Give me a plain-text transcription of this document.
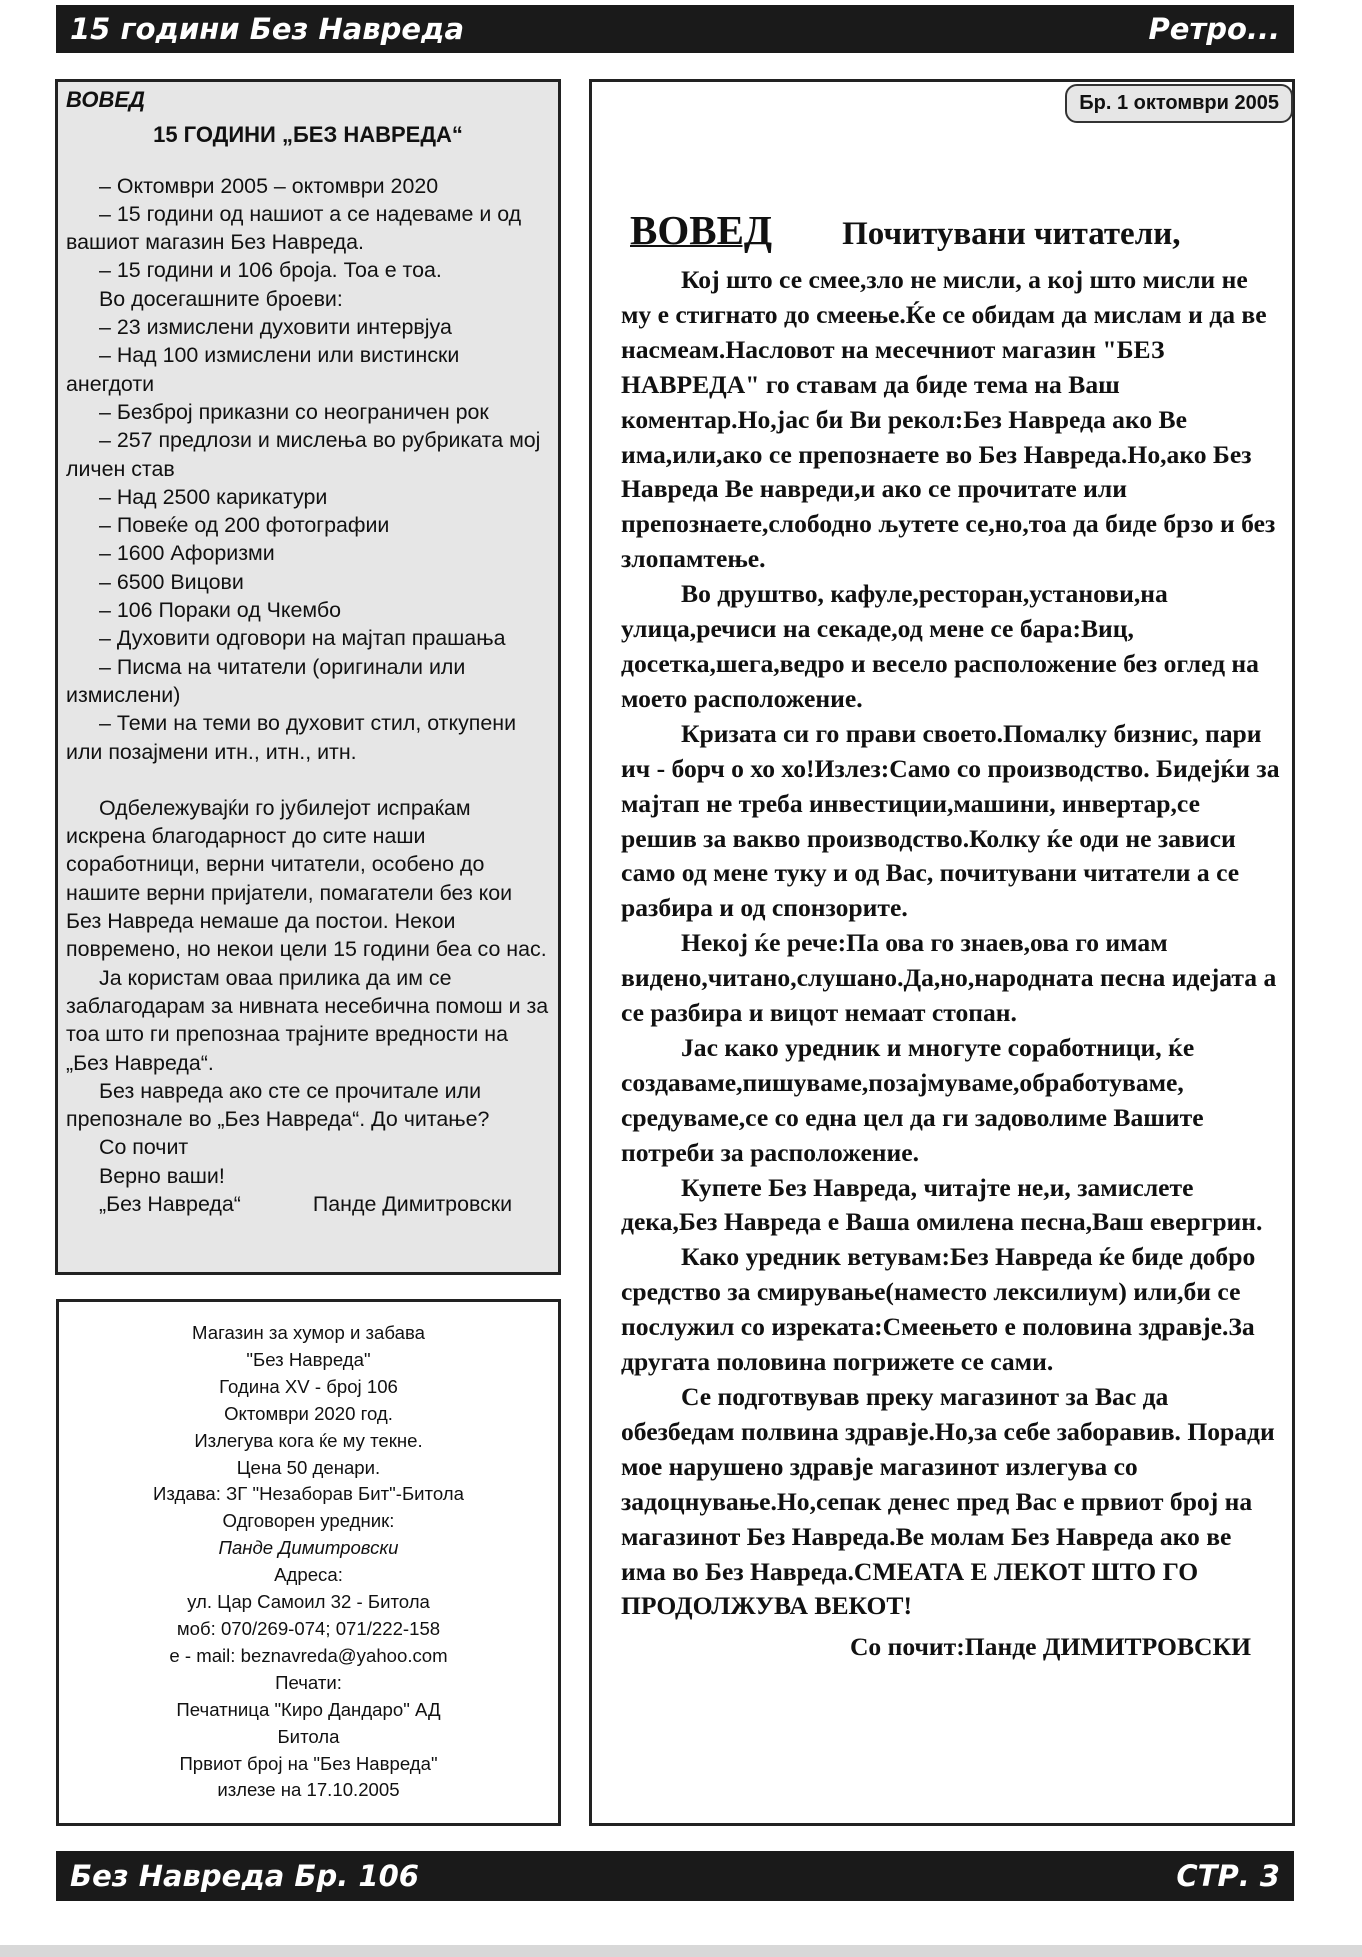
15 години Без Навреда	Ретро...
ВОВЕД
15 ГОДИНИ „БЕЗ НАВРЕДА“

– Октомври 2005 – октомври 2020

– 15 години од нашиот а се надеваме и од вашиот магазин Без Навреда.

– 15 години и 106 броја. Тоа е тоа.

Во досегашните броеви:

– 23 измислени духовити интервјуа

– Над 100 измислени или вистински анегдоти

– Безброј приказни со неограничен рок

– 257 предлози и мислења во рубриката мој личен став

– Над 2500 карикатури

– Повеќе од 200 фотографии

– 1600 Афоризми

– 6500 Вицови

– 106 Пораки од Чкембо

– Духовити одговори на мајтап прашања

– Писма на читатели (оригинали или измислени)

– Теми на теми во духовит стил, откупени или позајмени итн., итн., итн.

Одбележувајќи го јубилејот испраќам искрена благодарност до сите наши соработници, верни читатели, особено до нашите верни пријатели, помагатели без кои Без Навреда немаше да постои. Некои повремено, но некои цели 15 години беа со нас.

Ја користам оваа прилика да им се заблагодарам за нивната несебична помош и за тоа што ги препознаа трајните вредности на „Без Навреда“.

Без навреда ако сте се прочитале или препознале во „Без Навреда“. До читање?

Со почит

Верно ваши!

„Без Навреда“	Панде Димитровски

Магазин за хумор и забава

"Без Навреда"

Година XV - број 106

Октомври 2020 год.

Излегува кога ќе му текне.

Цена 50 денари.

Издава: ЗГ "Незаборав Бит"-Битола

Одговорен уредник:

Панде Димитровски

Адреса:

ул. Цар Самоил 32 - Битола

моб: 070/269-074; 071/222-158

e - mail: beznavreda@yahoo.com

Печати:

Печатница "Киро Дандаро" АД

Битола

Првиот број на "Без Навреда"

излезе на 17.10.2005

Бр. 1 октомври 2005
ВОВЕД Почитувани читатели,

Кој што се смее,зло не мисли, а кој што мисли не му е стигнато до смеење.Ќе се обидам да мислам и да ве насмеам.Насловот на месечниот магазин "БЕЗ НАВРЕДА" го ставам да биде тема на Ваш коментар.Но,јас би Ви рекол:Без Навреда ако Ве има,или,ако се препознаете во Без Навреда.Но,ако Без Навреда Ве навреди,и ако се прочитате или препознаете,слободно љутете се,но,тоа да биде брзо и без злопамтење.

Во друштво, кафуле,ресторан,установи,на улица,речиси на секаде,од мене се бара:Виц, досетка,шега,ведро и весело расположение без оглед на моето расположение.

Кризата си го прави своето.Помалку бизнис, пари ич - борч о хо хо!Излез:Само со производство. Бидејќи за мајтап не треба инвестиции,машини, инвертар,се решив за вакво производство.Колку ќе оди не зависи само од мене туку и од Вас, почитувани читатели а се разбира и од спонзорите.

Некој ќе рече:Па ова го знаев,ова го имам видено,читано,слушано.Да,но,народната песна идејата а се разбира и вицот немаат стопан.

Јас како уредник и многуте соработници, ќе создаваме,пишуваме,позајмуваме,обработуваме, средуваме,се со една цел да ги задоволиме Вашите потреби за расположение.

Купете Без Навреда, читајте не,и, замислете дека,Без Навреда е Ваша омилена песна,Ваш евергрин.

Како уредник ветувам:Без Навреда ќе биде добро средство за смирување(наместо лексилиум) или,би се послужил со изреката:Смеењето е половина здравје.За другата половина погрижете се сами.

Се подготвував преку магазинот за Вас да обезбедам полвина здравје.Но,за себе заборавив. Поради мое нарушено здравје магазинот излегува со задоцнување.Но,сепак денес пред Вас е првиот број на магазинот Без Навреда.Ве молам Без Навреда ако ве има во Без Навреда.СМЕАТА Е ЛЕКОТ ШТО ГО ПРОДОЛЖУВА ВЕКОТ!

Со почит:Панде ДИМИТРОВСКИ

Без Навреда Бр. 106	СТР. 3
